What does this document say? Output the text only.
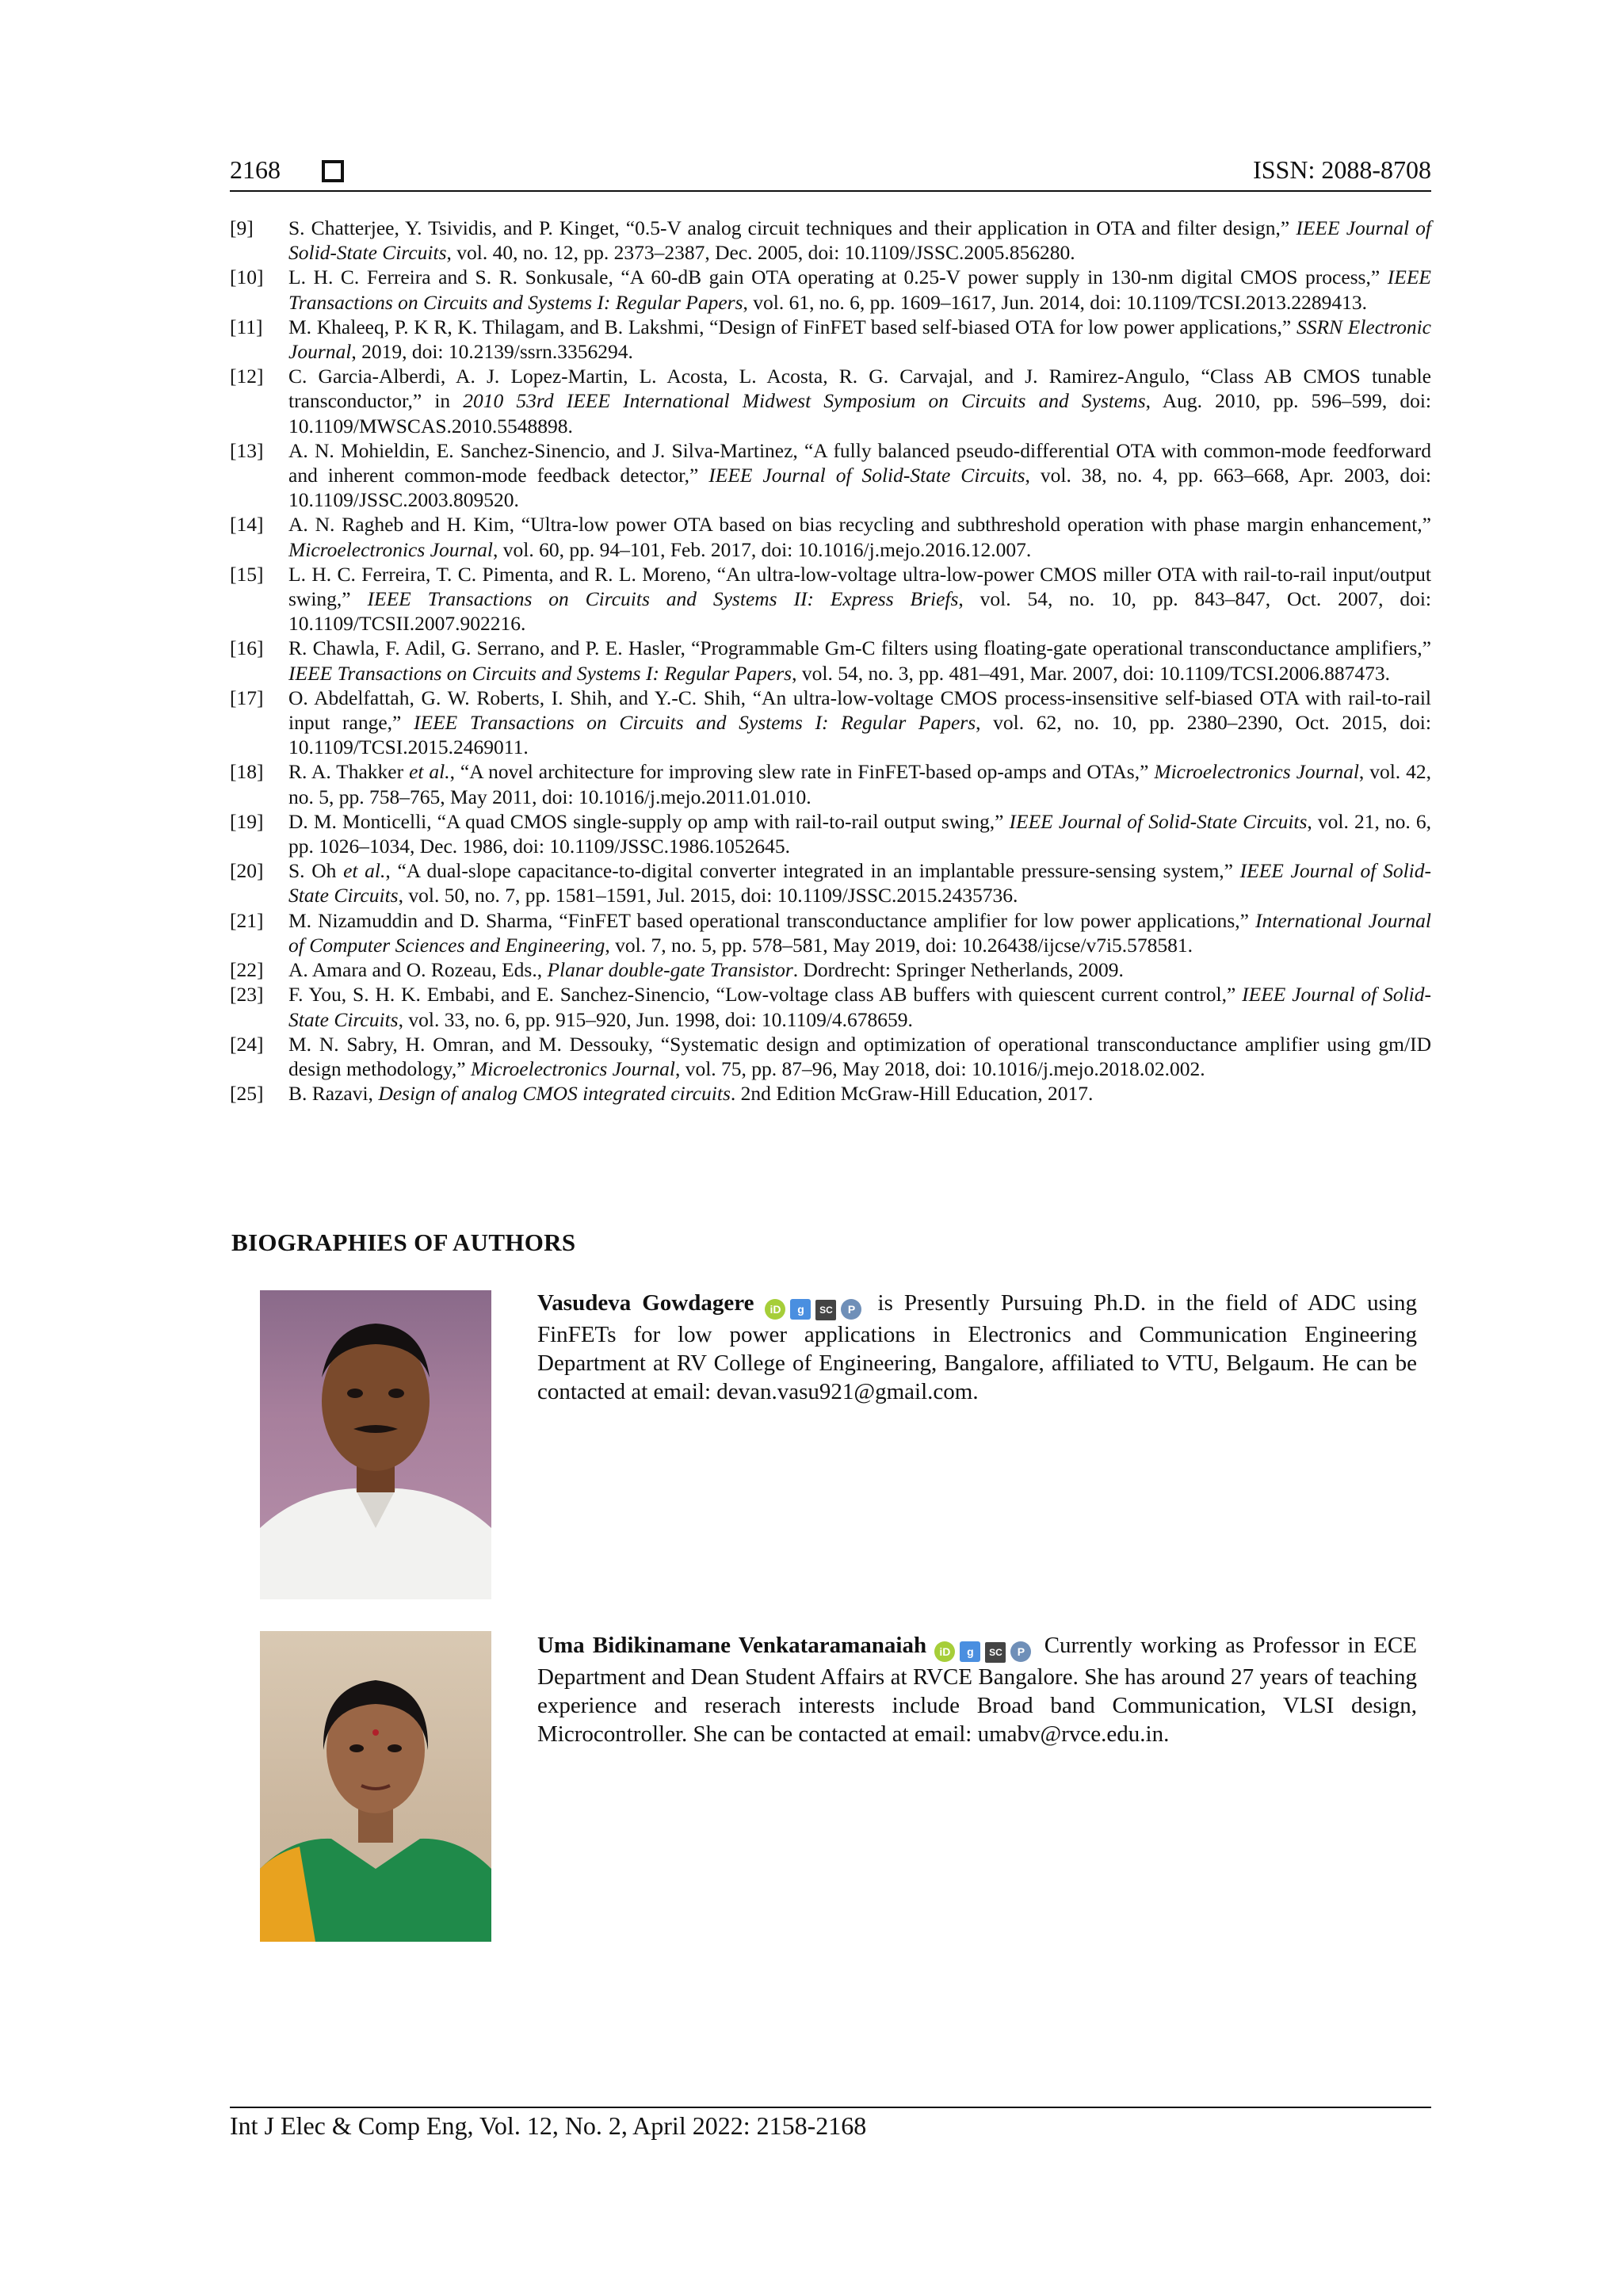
2168	ISSN: 2088-8708

[9] S. Chatterjee, Y. Tsividis, and P. Kinget, “0.5-V analog circuit techniques and their application in OTA and filter design,” IEEE Journal of Solid-State Circuits, vol. 40, no. 12, pp. 2373–2387, Dec. 2005, doi: 10.1109/JSSC.2005.856280.

[10] L. H. C. Ferreira and S. R. Sonkusale, “A 60-dB gain OTA operating at 0.25-V power supply in 130-nm digital CMOS process,” IEEE Transactions on Circuits and Systems I: Regular Papers, vol. 61, no. 6, pp. 1609–1617, Jun. 2014, doi: 10.1109/TCSI.2013.2289413.

[11] M. Khaleeq, P. K R, K. Thilagam, and B. Lakshmi, “Design of FinFET based self-biased OTA for low power applications,” SSRN Electronic Journal, 2019, doi: 10.2139/ssrn.3356294.

[12] C. Garcia-Alberdi, A. J. Lopez-Martin, L. Acosta, L. Acosta, R. G. Carvajal, and J. Ramirez-Angulo, “Class AB CMOS tunable transconductor,” in 2010 53rd IEEE International Midwest Symposium on Circuits and Systems, Aug. 2010, pp. 596–599, doi: 10.1109/MWSCAS.2010.5548898.

[13] A. N. Mohieldin, E. Sanchez-Sinencio, and J. Silva-Martinez, “A fully balanced pseudo-differential OTA with common-mode feedforward and inherent common-mode feedback detector,” IEEE Journal of Solid-State Circuits, vol. 38, no. 4, pp. 663–668, Apr. 2003, doi: 10.1109/JSSC.2003.809520.

[14] A. N. Ragheb and H. Kim, “Ultra-low power OTA based on bias recycling and subthreshold operation with phase margin enhancement,” Microelectronics Journal, vol. 60, pp. 94–101, Feb. 2017, doi: 10.1016/j.mejo.2016.12.007.

[15] L. H. C. Ferreira, T. C. Pimenta, and R. L. Moreno, “An ultra-low-voltage ultra-low-power CMOS miller OTA with rail-to-rail input/output swing,” IEEE Transactions on Circuits and Systems II: Express Briefs, vol. 54, no. 10, pp. 843–847, Oct. 2007, doi: 10.1109/TCSII.2007.902216.

[16] R. Chawla, F. Adil, G. Serrano, and P. E. Hasler, “Programmable Gm-C filters using floating-gate operational transconductance amplifiers,” IEEE Transactions on Circuits and Systems I: Regular Papers, vol. 54, no. 3, pp. 481–491, Mar. 2007, doi: 10.1109/TCSI.2006.887473.

[17] O. Abdelfattah, G. W. Roberts, I. Shih, and Y.-C. Shih, “An ultra-low-voltage CMOS process-insensitive self-biased OTA with rail-to-rail input range,” IEEE Transactions on Circuits and Systems I: Regular Papers, vol. 62, no. 10, pp. 2380–2390, Oct. 2015, doi: 10.1109/TCSI.2015.2469011.

[18] R. A. Thakker et al., “A novel architecture for improving slew rate in FinFET-based op-amps and OTAs,” Microelectronics Journal, vol. 42, no. 5, pp. 758–765, May 2011, doi: 10.1016/j.mejo.2011.01.010.

[19] D. M. Monticelli, “A quad CMOS single-supply op amp with rail-to-rail output swing,” IEEE Journal of Solid-State Circuits, vol. 21, no. 6, pp. 1026–1034, Dec. 1986, doi: 10.1109/JSSC.1986.1052645.

[20] S. Oh et al., “A dual-slope capacitance-to-digital converter integrated in an implantable pressure-sensing system,” IEEE Journal of Solid-State Circuits, vol. 50, no. 7, pp. 1581–1591, Jul. 2015, doi: 10.1109/JSSC.2015.2435736.

[21] M. Nizamuddin and D. Sharma, “FinFET based operational transconductance amplifier for low power applications,” International Journal of Computer Sciences and Engineering, vol. 7, no. 5, pp. 578–581, May 2019, doi: 10.26438/ijcse/v7i5.578581.

[22] A. Amara and O. Rozeau, Eds., Planar double-gate Transistor. Dordrecht: Springer Netherlands, 2009.

[23] F. You, S. H. K. Embabi, and E. Sanchez-Sinencio, “Low-voltage class AB buffers with quiescent current control,” IEEE Journal of Solid-State Circuits, vol. 33, no. 6, pp. 915–920, Jun. 1998, doi: 10.1109/4.678659.

[24] M. N. Sabry, H. Omran, and M. Dessouky, “Systematic design and optimization of operational transconductance amplifier using gm/ID design methodology,” Microelectronics Journal, vol. 75, pp. 87–96, May 2018, doi: 10.1016/j.mejo.2018.02.002.

[25] B. Razavi, Design of analog CMOS integrated circuits. 2nd Edition McGraw-Hill Education, 2017.

BIOGRAPHIES OF AUTHORS
Vasudeva Gowdagere iD g SC P is Presently Pursuing Ph.D. in the field of ADC using FinFETs for low power applications in Electronics and Communication Engineering Department at RV College of Engineering, Bangalore, affiliated to VTU, Belgaum. He can be contacted at email: devan.vasu921@gmail.com.
Uma Bidikinamane Venkataramanaiah iD g SC P Currently working as Professor in ECE Department and Dean Student Affairs at RVCE Bangalore. She has around 27 years of teaching experience and reserach interests include Broad band Communication, VLSI design, Microcontroller. She can be contacted at email: umabv@rvce.edu.in.
Int J Elec & Comp Eng, Vol. 12, No. 2, April 2022: 2158-2168
